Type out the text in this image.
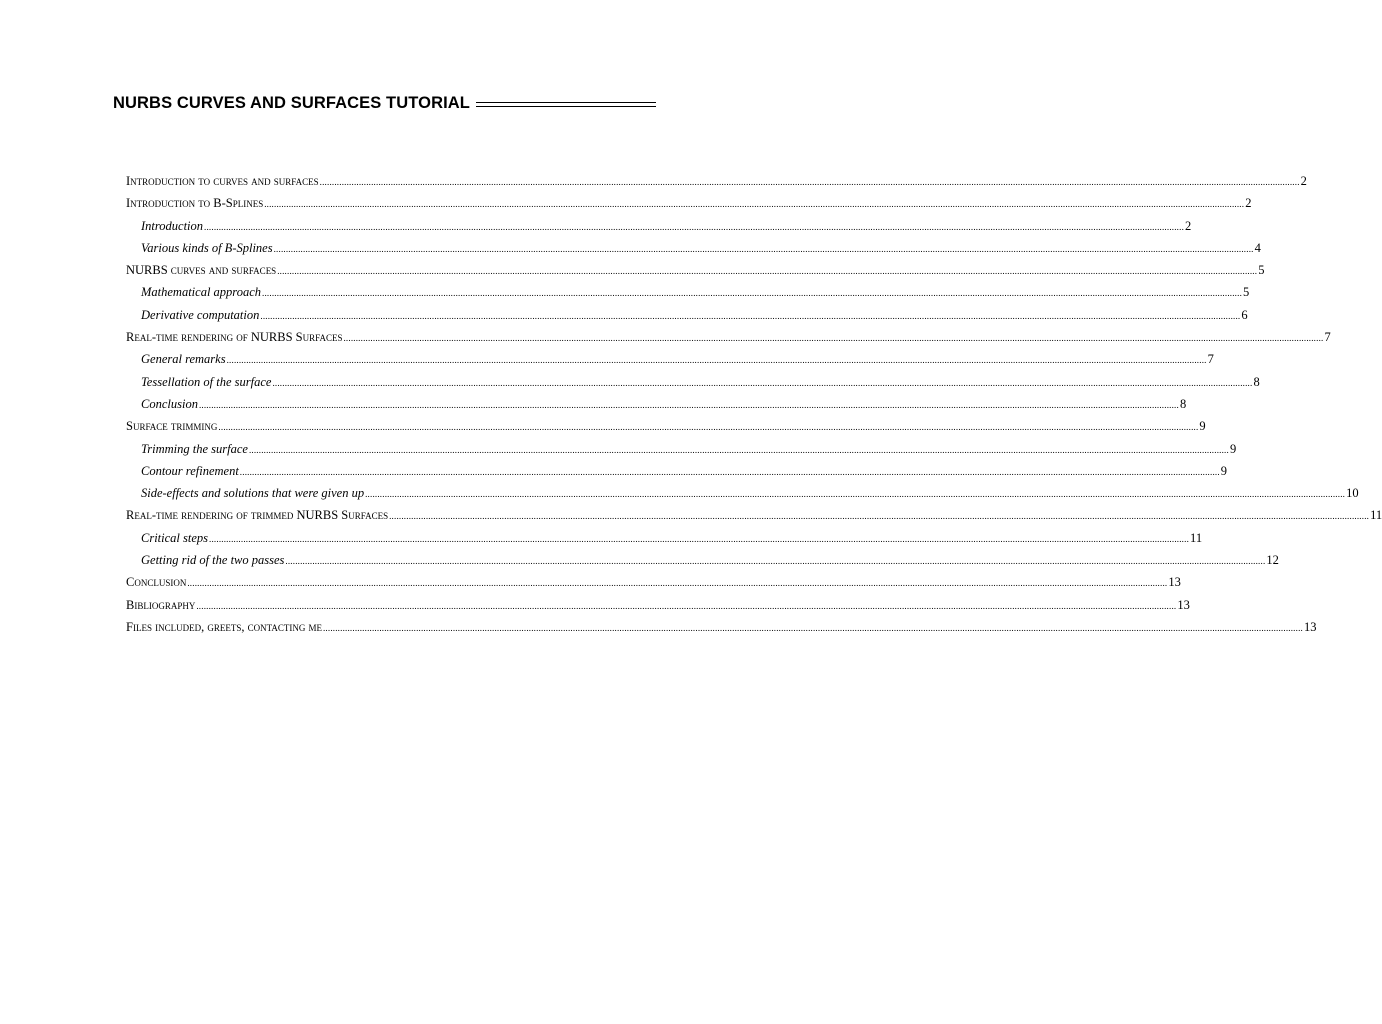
NURBS CURVES AND SURFACES TUTORIAL
Introduction to curves and surfaces ................................................................................................................................................................................................................................................................................................................................................................................................................ 2
Introduction to B-Splines ................................................................................................................................................................................................................................................................................................................................................................................................................ 2
Introduction ................................................................................................................................................................................................................................................................................................................................................................................................................ 2
Various kinds of B-Splines ................................................................................................................................................................................................................................................................................................................................................................................................................ 4
NURBS curves and surfaces ................................................................................................................................................................................................................................................................................................................................................................................................................ 5
Mathematical approach ................................................................................................................................................................................................................................................................................................................................................................................................................ 5
Derivative computation ................................................................................................................................................................................................................................................................................................................................................................................................................ 6
Real-time rendering of NURBS Surfaces ................................................................................................................................................................................................................................................................................................................................................................................................................ 7
General remarks ................................................................................................................................................................................................................................................................................................................................................................................................................ 7
Tessellation of the surface ................................................................................................................................................................................................................................................................................................................................................................................................................ 8
Conclusion ................................................................................................................................................................................................................................................................................................................................................................................................................ 8
Surface trimming ................................................................................................................................................................................................................................................................................................................................................................................................................ 9
Trimming the surface ................................................................................................................................................................................................................................................................................................................................................................................................................ 9
Contour refinement ................................................................................................................................................................................................................................................................................................................................................................................................................ 9
Side-effects and solutions that were given up ................................................................................................................................................................................................................................................................................................................................................................................................................ 10
Real-time rendering of trimmed NURBS Surfaces ................................................................................................................................................................................................................................................................................................................................................................................................................ 11
Critical steps ................................................................................................................................................................................................................................................................................................................................................................................................................ 11
Getting rid of the two passes ................................................................................................................................................................................................................................................................................................................................................................................................................ 12
Conclusion ................................................................................................................................................................................................................................................................................................................................................................................................................ 13
Bibliography ................................................................................................................................................................................................................................................................................................................................................................................................................ 13
Files included, greets, contacting me ................................................................................................................................................................................................................................................................................................................................................................................................................ 13
